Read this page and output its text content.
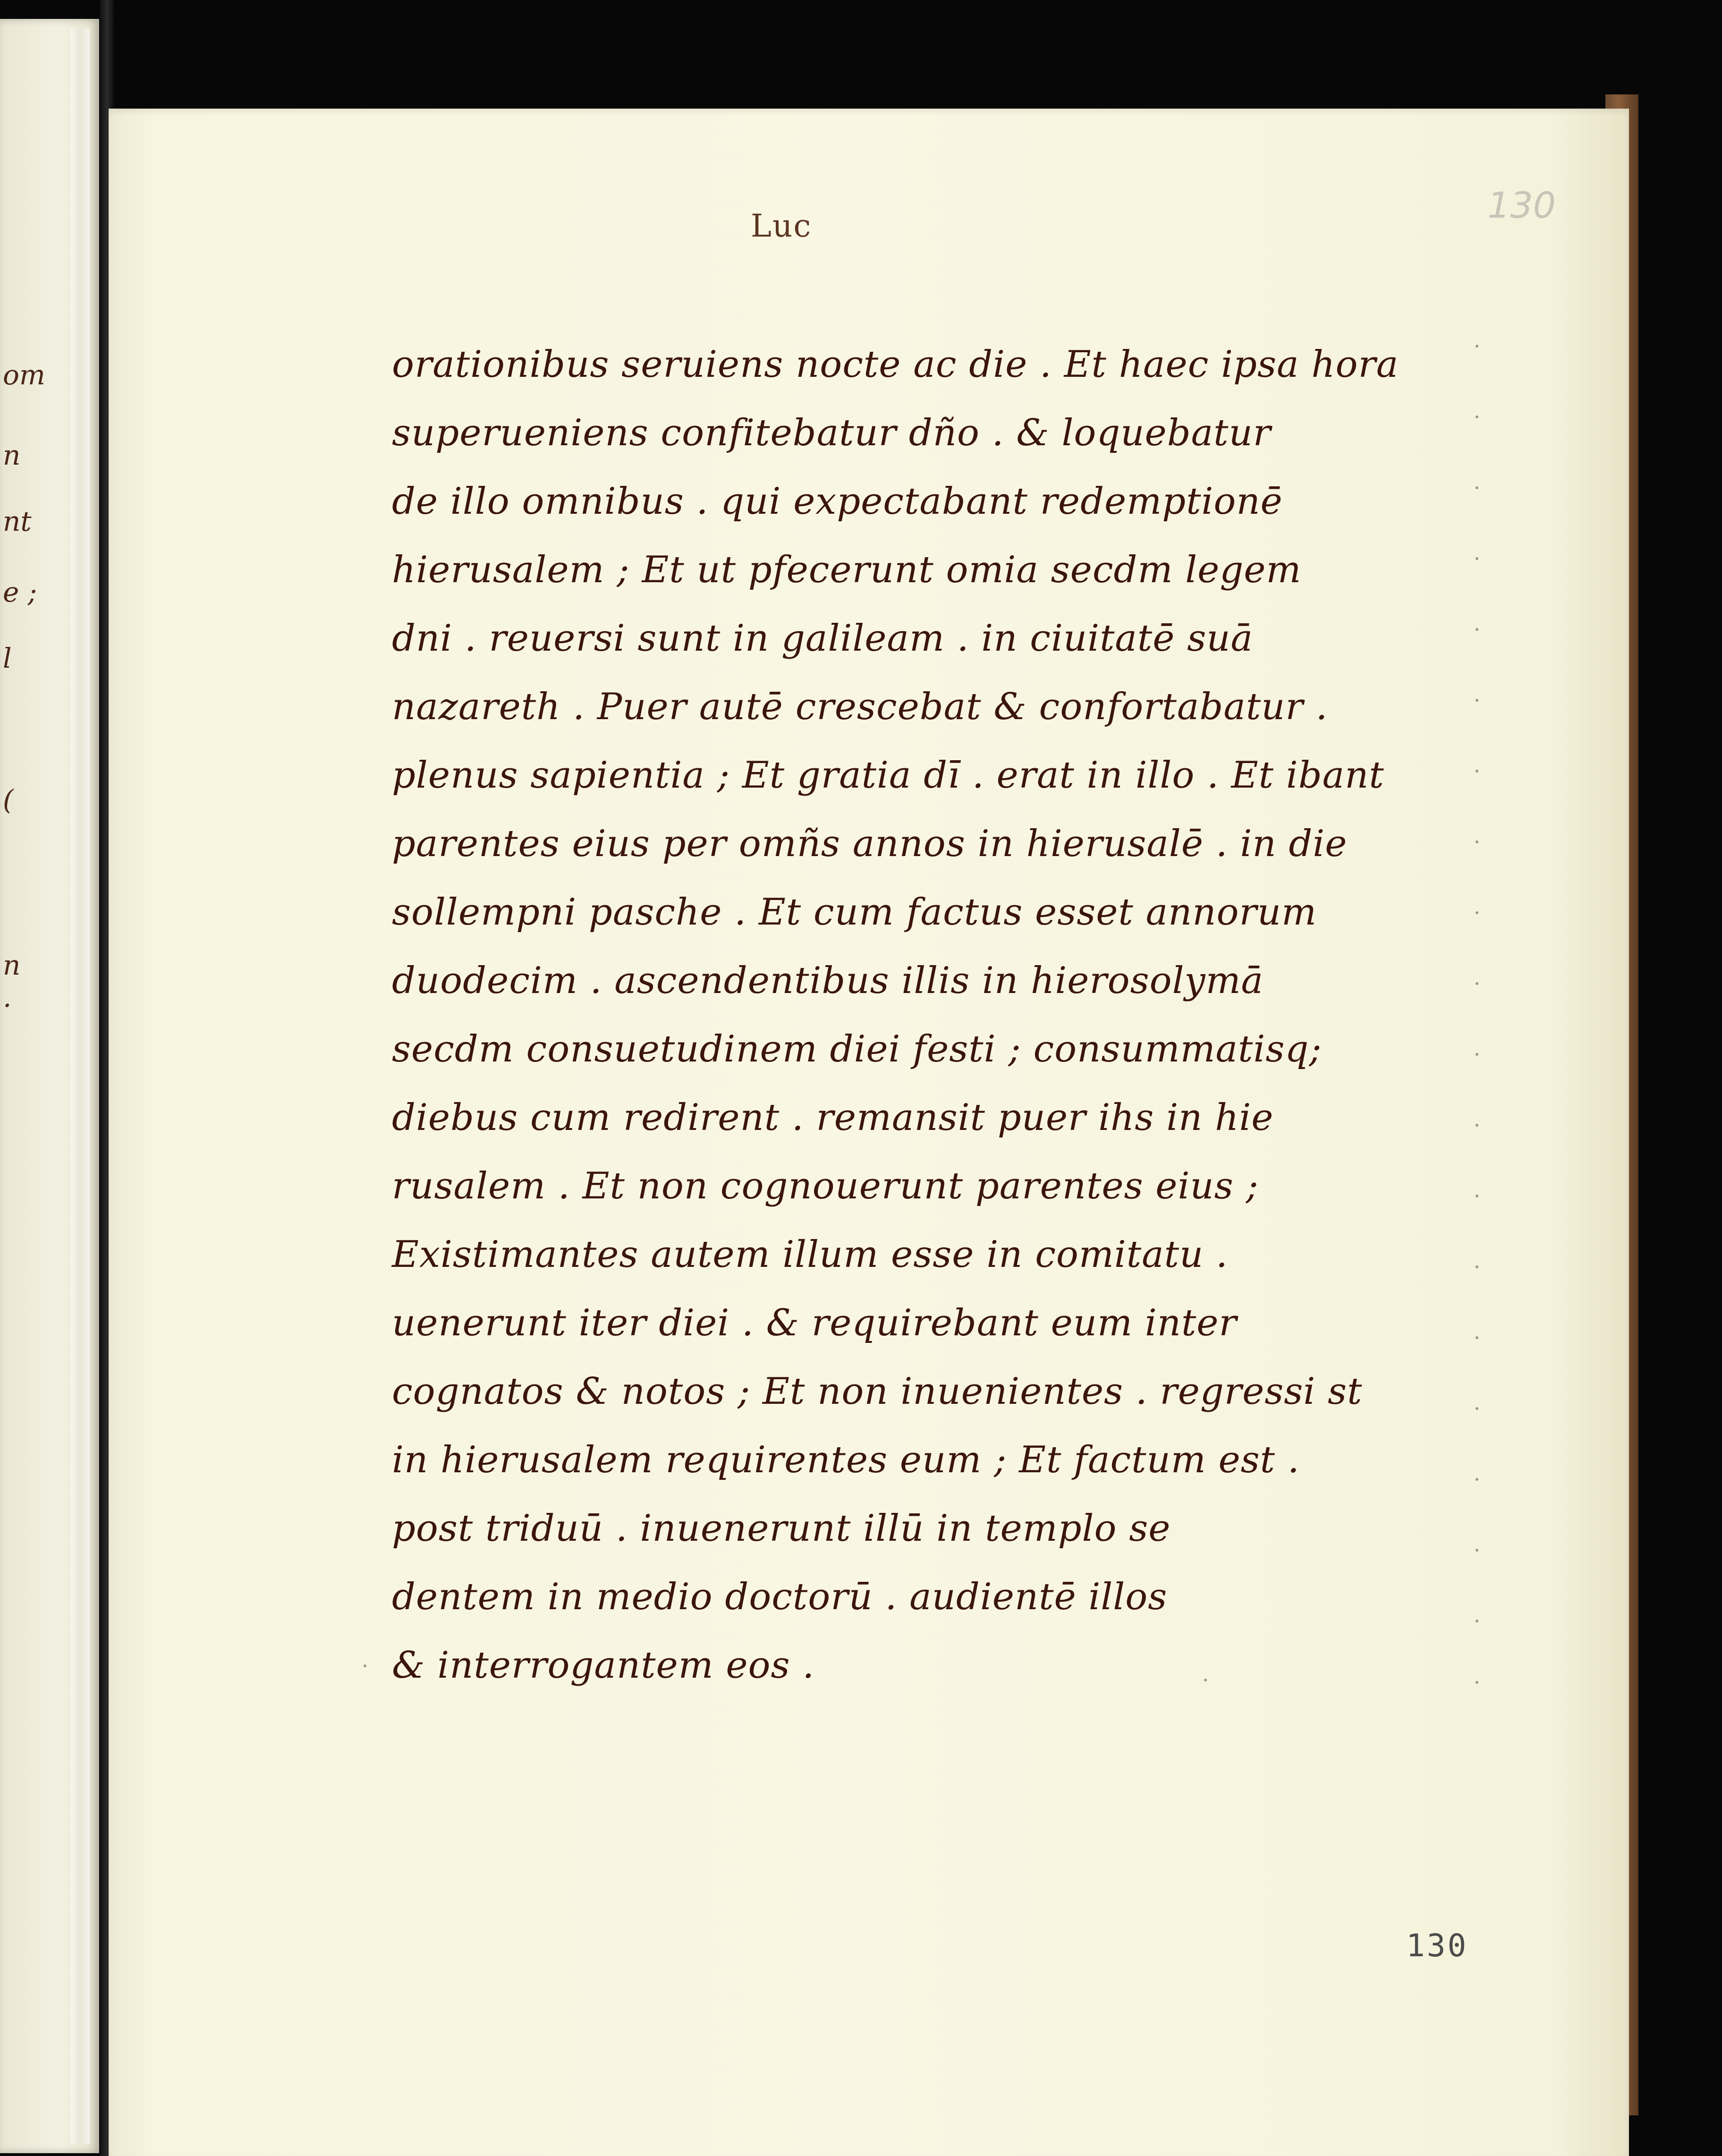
om
n
nt
e ;
l
(
n .
Luc	130
orationibus seruiens nocte ac die . Et haec ipsa hora
superueniens confitebatur dño . & loquebatur
de illo omnibus . qui expectabant redemptionē
hierusalem ; Et ut pfecerunt omia secdm legem
dni . reuersi sunt in galileam . in ciuitatē suā
nazareth . Puer autē crescebat & confortabatur .
plenus sapientia ; Et gratia dī . erat in illo . Et ibant
parentes eius per omñs annos in hierusalē . in die
sollempni pasche . Et cum factus esset annorum
duodecim . ascendentibus illis in hierosolymā
secdm consuetudinem diei festi ; consummatisq;
diebus cum redirent . remansit puer ihs in hie
rusalem . Et non cognouerunt parentes eius ;
Existimantes autem illum esse in comitatu .
uenerunt iter diei . & requirebant eum inter
cognatos & notos ; Et non inuenientes . regressi st
in hierusalem requirentes eum ; Et factum est .
post triduū . inuenerunt illū in templo se
dentem in medio doctorū . audientē illos
& interrogantem eos .
130
